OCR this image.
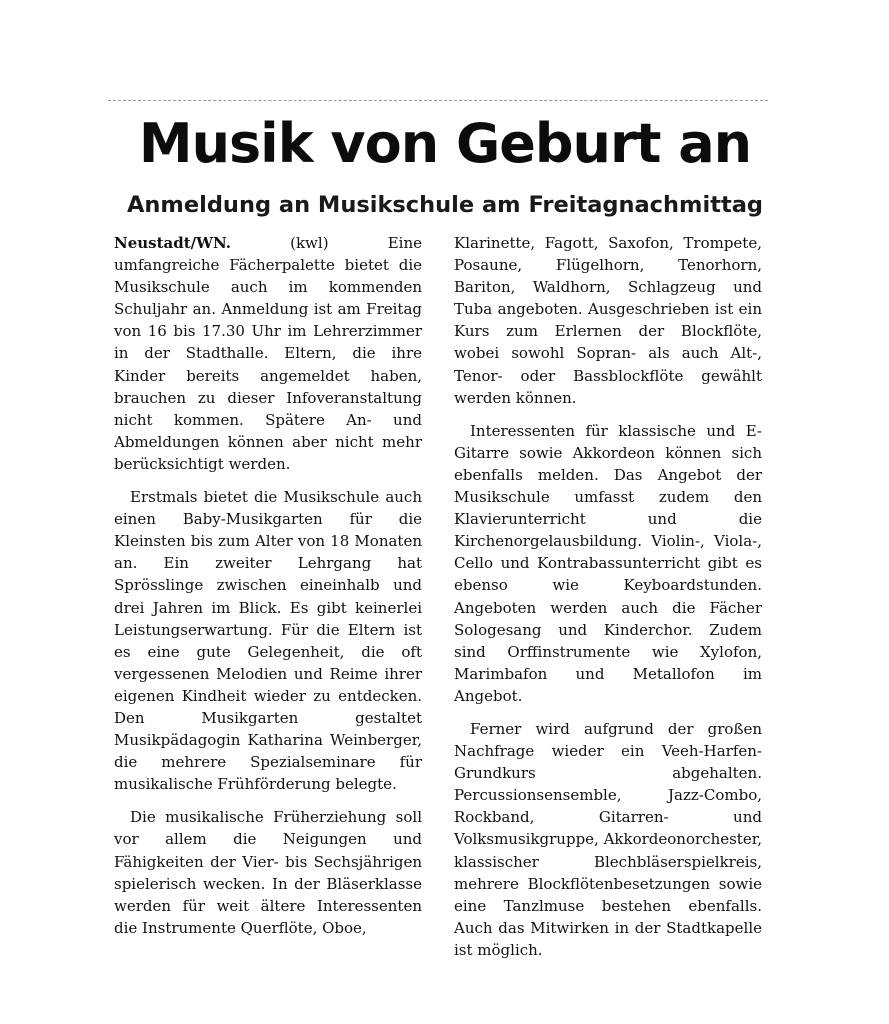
Musik von Geburt an
Anmeldung an Musikschule am Freitagnachmittag

Neustadt/WN. (kwl) Eine umfangreiche Fächerpalette bietet die Musikschule auch im kommenden Schuljahr an. Anmeldung ist am Freitag von 16 bis 17.30 Uhr im Lehrerzimmer in der Stadthalle. Eltern, die ihre Kinder bereits angemeldet haben, brauchen zu dieser Infoveranstaltung nicht kommen. Spätere An- und Abmeldungen können aber nicht mehr berücksichtigt werden.

Erstmals bietet die Musikschule auch einen Baby-Musikgarten für die Kleinsten bis zum Alter von 18 Monaten an. Ein zweiter Lehrgang hat Sprösslinge zwischen eineinhalb und drei Jahren im Blick. Es gibt keinerlei Leistungserwartung. Für die Eltern ist es eine gute Gelegenheit, die oft vergessenen Melodien und Reime ihrer eigenen Kindheit wieder zu entdecken. Den Musikgarten gestaltet Musikpädagogin Katharina Weinberger, die mehrere Spezialseminare für musikalische Frühförderung belegte.

Die musikalische Früherziehung soll vor allem die Neigungen und Fähigkeiten der Vier- bis Sechsjährigen spielerisch wecken. In der Bläserklasse werden für weit ältere Interessenten die Instrumente Querflöte, Oboe,

Klarinette, Fagott, Saxofon, Trompete, Posaune, Flügelhorn, Tenorhorn, Bariton, Waldhorn, Schlagzeug und Tuba angeboten. Ausgeschrieben ist ein Kurs zum Erlernen der Blockflöte, wobei sowohl Sopran- als auch Alt-, Tenor- oder Bassblockflöte gewählt werden können.

Interessenten für klassische und E-Gitarre sowie Akkordeon können sich ebenfalls melden. Das Angebot der Musikschule umfasst zudem den Klavierunterricht und die Kirchenorgelausbildung. Violin-, Viola-, Cello und Kontrabassunterricht gibt es ebenso wie Keyboardstunden. Angeboten werden auch die Fächer Sologesang und Kinderchor. Zudem sind Orffinstrumente wie Xylofon, Marimbafon und Metallofon im Angebot.

Ferner wird aufgrund der großen Nachfrage wieder ein Veeh-Harfen-Grundkurs abgehalten. Percussionsensemble, Jazz-Combo, Rockband, Gitarren- und Volksmusikgruppe, Akkordeonorchester, klassischer Blechbläserspielkreis, mehrere Blockflötenbesetzungen sowie eine Tanzlmuse bestehen ebenfalls. Auch das Mitwirken in der Stadtkapelle ist möglich.
